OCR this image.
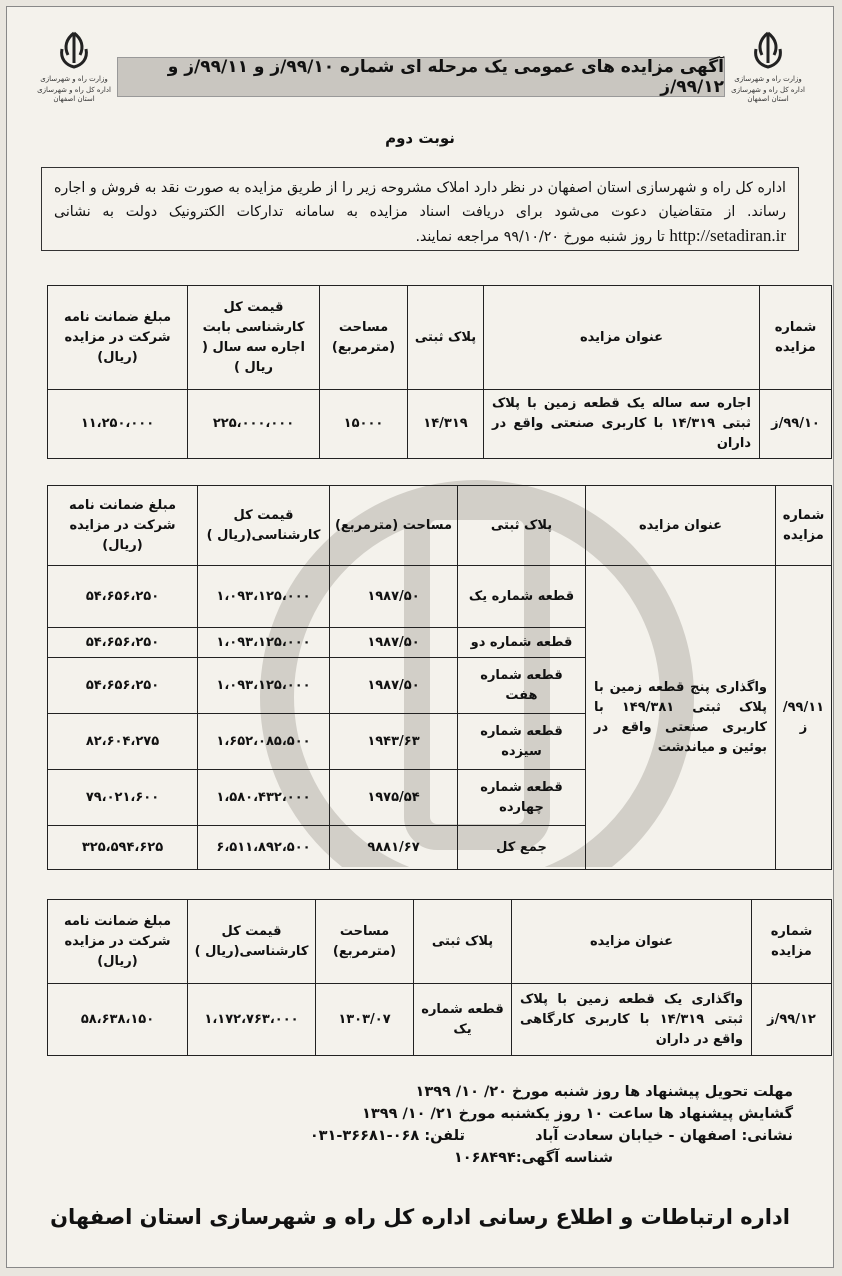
وزارت راه و شهرسازی
اداره کل راه و شهرسازی استان اصفهان
وزارت راه و شهرسازی
اداره کل راه و شهرسازی استان اصفهان
آگهی مزایده های عمومی یک مرحله ای شماره ۹۹/۱۰/ز و ۹۹/۱۱/ز و ۹۹/۱۲/ز
نوبت دوم
اداره کل راه و شهرسازی استان اصفهان در نظر دارد املاک مشروحه زیر را از طریق مزایده به صورت نقد به فروش و اجاره رساند. از متقاضیان دعوت می‌شود برای دریافت اسناد مزایده به سامانه تدارکات الکترونیک دولت به نشانی http://setadiran.ir تا روز شنبه مورخ ۹۹/۱۰/۲۰ مراجعه نمایند.
شماره مزایده	عنوان مزایده	پلاک ثبتی	مساحت (مترمربع)	قیمت کل کارشناسی بابت اجاره سه سال ( ریال )	مبلغ ضمانت نامه شرکت در مزایده (ریال)
۹۹/۱۰/ز	اجاره سه ساله یک قطعه زمین با پلاک ثبتی ۱۴/۳۱۹ با کاربری صنعتی واقع در داران	۱۴/۳۱۹	۱۵۰۰۰	۲۲۵،۰۰۰،۰۰۰	۱۱،۲۵۰،۰۰۰
شماره مزایده	عنوان مزایده	پلاک ثبتی	مساحت (مترمربع)	قیمت کل کارشناسی(ریال )	مبلغ ضمانت نامه شرکت در مزایده (ریال)
۹۹/۱۱/ز	واگذاری پنج قطعه زمین با پلاک ثبتی ۱۴۹/۳۸۱ با کاربری صنعتی واقع در بوئین و میاندشت	قطعه شماره یک	۱۹۸۷/۵۰	۱،۰۹۳،۱۲۵،۰۰۰	۵۴،۶۵۶،۲۵۰
		قطعه شماره دو	۱۹۸۷/۵۰	۱،۰۹۳،۱۲۵،۰۰۰	۵۴،۶۵۶،۲۵۰
		قطعه شماره هفت	۱۹۸۷/۵۰	۱،۰۹۳،۱۲۵،۰۰۰	۵۴،۶۵۶،۲۵۰
		قطعه شماره سیزده	۱۹۴۳/۶۳	۱،۶۵۲،۰۸۵،۵۰۰	۸۲،۶۰۴،۲۷۵
		قطعه شماره چهارده	۱۹۷۵/۵۴	۱،۵۸۰،۴۳۲،۰۰۰	۷۹،۰۲۱،۶۰۰
		جمع کل	۹۸۸۱/۶۷	۶،۵۱۱،۸۹۲،۵۰۰	۳۲۵،۵۹۴،۶۲۵
شماره مزایده	عنوان مزایده	پلاک ثبتی	مساحت (مترمربع)	قیمت کل کارشناسی(ریال )	مبلغ ضمانت نامه شرکت در مزایده (ریال)
۹۹/۱۲/ز	واگذاری یک قطعه زمین با پلاک ثبتی ۱۴/۳۱۹ با کاربری کارگاهی واقع در داران	قطعه شماره یک	۱۳۰۳/۰۷	۱،۱۷۲،۷۶۳،۰۰۰	۵۸،۶۳۸،۱۵۰
مهلت تحویل پیشنهاد ها روز شنبه مورخ ۲۰/ ۱۰/ ۱۳۹۹
گشایش پیشنهاد ها ساعت ۱۰ روز یکشنبه مورخ ۲۱/ ۱۰/ ۱۳۹۹
نشانی: اصفهان - خیابان سعادت آباد  تلفن: ۰۶۸-۳۶۶۸۱-۰۳۱
شناسه آگهی:۱۰۶۸۴۹۴
اداره ارتباطات و اطلاع رسانی اداره کل راه و شهرسازی استان اصفهان
